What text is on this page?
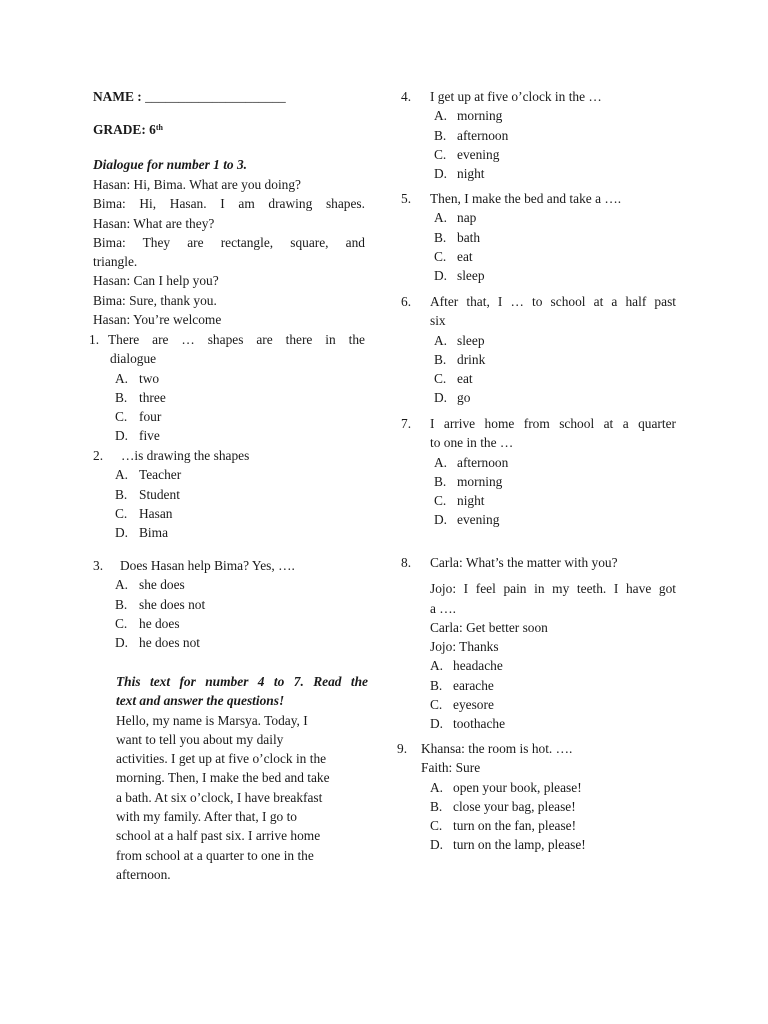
NAME : _____________________
GRADE: 6th
Dialogue for number 1 to 3.
Hasan: Hi, Bima. What are you doing?
Bima: Hi, Hasan. I am drawing shapes.
Hasan: What are they?
Bima: They are rectangle, square, and
triangle.
Hasan: Can I help you?
Bima: Sure, thank you.
Hasan: You’re welcome
1. There are … shapes are there in the
dialogue
A. two
B. three
C. four
D. five
2.	…is drawing the shapes
A. Teacher
B. Student
C. Hasan
D. Bima
3.	Does Hasan help Bima? Yes, ….
A. she does
B. she does not
C. he does
D. he does not
This text for number 4 to 7. Read the
text and answer the questions!
Hello, my name is Marsya. Today, I
want to tell you about my daily
activities. I get up at five o’clock in the
morning. Then, I make the bed and take
a bath. At six o’clock, I have breakfast
with my family. After that, I go to
school at a half past six. I arrive home
from school at a quarter to one in the
afternoon.
4.	I get up at five o’clock in the …
A. morning
B. afternoon
C. evening
D. night
5.	Then, I make the bed and take a ….
A. nap
B. bath
C. eat
D. sleep
6.	After that, I … to school at a half past
six
A. sleep
B. drink
C. eat
D. go
7.	I arrive home from school at a quarter
to one in the …
A. afternoon
B. morning
C. night
D. evening
8.	Carla: What’s the matter with you?
Jojo: I feel pain in my teeth. I have got
a ….
Carla: Get better soon
Jojo: Thanks
A. headache
B. earache
C. eyesore
D. toothache
9.	Khansa: the room is hot. ….
Faith: Sure
A. open your book, please!
B. close your bag, please!
C. turn on the fan, please!
D. turn on the lamp, please!
